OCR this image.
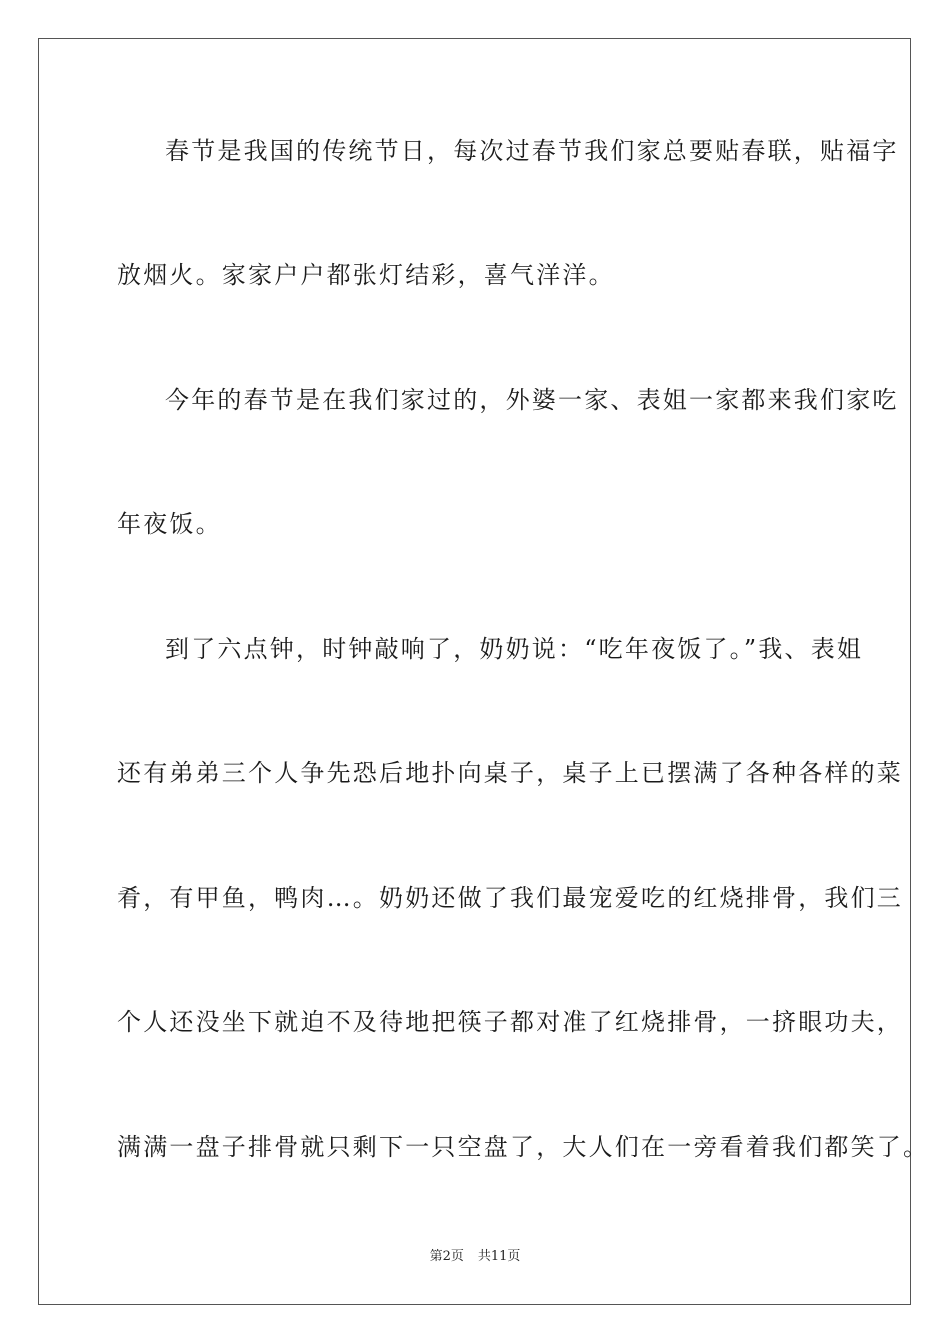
春节是我国的传统节日，每次过春节我们家总要贴春联，贴福字
放烟火。家家户户都张灯结彩，喜气洋洋。
今年的春节是在我们家过的，外婆一家、表姐一家都来我们家吃
年夜饭。
到了六点钟，时钟敲响了，奶奶说：“吃年夜饭了。”我、表姐
还有弟弟三个人争先恐后地扑向桌子，桌子上已摆满了各种各样的菜
肴，有甲鱼，鸭肉…。奶奶还做了我们最宠爱吃的红烧排骨，我们三
个人还没坐下就迫不及待地把筷子都对准了红烧排骨，一挤眼功夫，
满满一盘子排骨就只剩下一只空盘了，大人们在一旁看着我们都笑了。
第2页 共11页
